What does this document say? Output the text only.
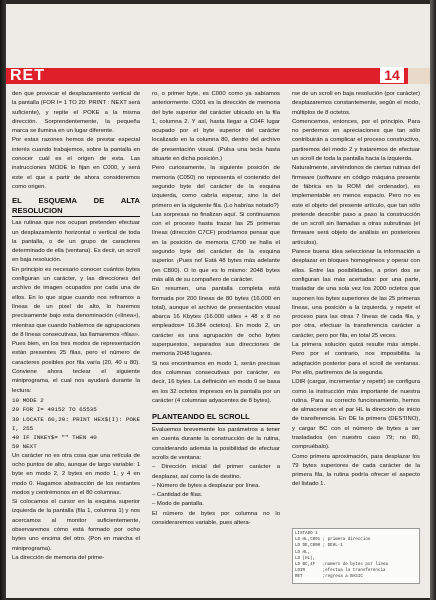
RET	14

den que provocar el desplazamiento vertical de la pantalla (FOR I= 1 TO 20: PRINT : NEXT será suficiente), y repite el POKE a la misma dirección. Sorprendentemente, la pequeña marca se ilumina en un lugar diferente.

Por estas razones hemos de prestar especial interés cuando trabajemos, sobre la pantalla en conocer cuál es el origen de esta. Las instrucciones MODE lo fijan en C000, y será este el que a partir de ahora consideremos como origen.

EL ESQUEMA DE ALTA RESOLUCION

Las rutinas que nos ocupan pretenden efectuar un desplazamiento horizontal o vertical de toda la pantalla, o de un grupo de caracteres determinado de ella (ventana). Es decir, un scroll en baja resolución.

En principio es necesario conocer cuántos bytes configuran un carácter, y las direcciones del archivo de imagen ocupados por cada una de ellos. En lo que sigue cuando nos refiramos a líneas de un pixel de alto, lo haremos precisamente bajo esta denominación («línea»), mientras que cuando hablemos de agrupaciones de 8 líneas consecutivas, las llamaremos «filas».

Pues bien, en los tres modos de representación están presentes 25 filas, pero el número de caracteres posibles por fila varía (20, 40 u 80). Conviene ahora teclear el siguiente miniprograma, el cual nos ayudará durante la lectura:

10 MODE 2

20 FOR I= 49152 TO 65535

30 LOCATE 60,20: PRINT HEX$(I): POKE I, 255

40 IF INKEY$= "" THEN 40

50 NEXT

Un carácter no es otra cosa que una retícula de ocho puntos de alto, aunque de largo variable: 1 byte en modo 2, 2 bytes en modo 1, y 4 en modo 0. Hagamos abstracción de los restantes modos y centrémonos en el 80 columnas.

Si colocamos el cursor en la esquina superior izquierda de la pantalla (fila 1, columna 1) y nos acercamos al monitor suficientemente, observaremos cómo está formado por ocho bytes uno encima del otro. (Pon en marcha el miniprograma).

La dirección de memoria del prime-

ro, o primer byte, es C000 como ya sabíamos anteriormente. C001 es la dirección de memoria del byte superior del carácter ubicado en la fila 1, columna 2. Y así, hasta llegar a C04F lugar ocupado por el byte superior del carácter localizado en la columna 80, dentro del archivo de presentación visual. (Pulsa una tecla hasta situarte en dicha posición.)

Pero curiosamente, la siguiente posición de memoria (C050) no representa el contenido del segundo byte del carácter de la esquina izquierda, como cabría esperar, sino la del primero en la siguiente fila. (Lo habrías notado?)

Las sorpresas no finalizan aquí. Si continuamos con el proceso hasta trazar las 25 primeras líneas (dirección C7CF) prodríamos pensar que en la posición de memoria C700 se halla el segundo byte del carácter de la esquina superior. ¡Pues no! Está 48 bytes más adelante (en C800). O lo que es lo mismo: 2048 bytes más allá de su compañero de carácter.

En resumen, una pantalla completa está formada por 200 líneas de 80 bytes (16.000 en total), aunque el archivo de presentación visual abarca 16 Kbytes (16.000 utiles + 48 x 8 no empleados= 16.384 octetos). En modo 2, un carácter es una agrupación de ocho bytes superpuestos, separados sus direcciones de memoria 2048 lugares.

Si nos encontramos en modo 1, serán precisas dos columnas consecutivas por carácter, es decir, 16 bytes. La definición en modo 0 se basa en los 32 octetos impresos en la pantalla por un carácter (4 columnas adyacentes de 8 bytes).

PLANTEANDO EL SCROLL

Evaluemos brevemente los parámetros a tener en cuenta durante la construcción de la rutina, considerando además la posibilidad de efectuar scrolls de ventana:

– Dirección inicial del primer carácter a desplazar, así como la de destino.

– Número de bytes a desplazar por línea.

– Cantidad de filas.

– Modo de pantalla.

El número de bytes por columna no lo consideraremos variable, pues altera-

rse de un scroll en baja resolución (por carácter) desplazaremos constantemente, según el modo, múltiplos de 8 octetos.

Comencemos, entonces, por el principio. Para no perdernos en apreciaciones que tan sólo contribuirán a complicar el proceso constructivo, partiremos del modo 2 y trataremos de efectuar un scroll de toda la pantalla hacia la izquierda.

Naturalmente, sirviéndonos de ciertas rutinas del firmware (software en código máquina presente de fábrica en la ROM del ordenador), es implementable en menos espacio. Pero no es este el objeto del presente artículo, que tan sólo pretende describir paso a paso la construcción de un scroll sin llamadas a otras subrutinas (el firmware será objeto de análisis en posteriores artículos).

Parece buena idea seleccionar la información a desplazar en bloques homogéneos y operar con ellos. Entre las posibilidades, a priori dos se configuran las más acertadas: por una parte, trasladar de una sola vez los 2000 octetos que suponen los bytes superiores de las 25 primeras líneas, una posición a la izquierda, y repetir el proceso para las otras 7 líneas de cada fila, y por otra, efectuar la transferencia carácter a carácter, pero por fila, en total 25 veces.

La primera solución quizá resulte más simple. Pero por el contrario, nos imposibilita la adaptación posterior para el scroll de ventanas. Por ello, partiremos de la segunda.

LDIR (cargar, incrementar y repetir) se configura como la instrucción más importante de nuestra rutina. Para su correcto funcionamiento, hemos de almacenar en el par HL la dirección de inicio de transferencia. En DE la primera (DESTINO), y cargar BC con el número de bytes a ser trasladados (en nuestro caso 79; no 80, compruébalo).

Como primera aproximación, para desplazar los 79 bytes superiores de cada carácter de la primera fila, la rutina podría ofrecer el aspecto del listado 1.

LISTADO 1
LD HL,C001 ; primera direccion
LD DE,C000 ; DEHL-1
LD HL,
LD (HL),
LD BC,4F   ;numero de bytes por linea
LDIR       ;efectua la transferencia
RET        ;regresa a BASIC
